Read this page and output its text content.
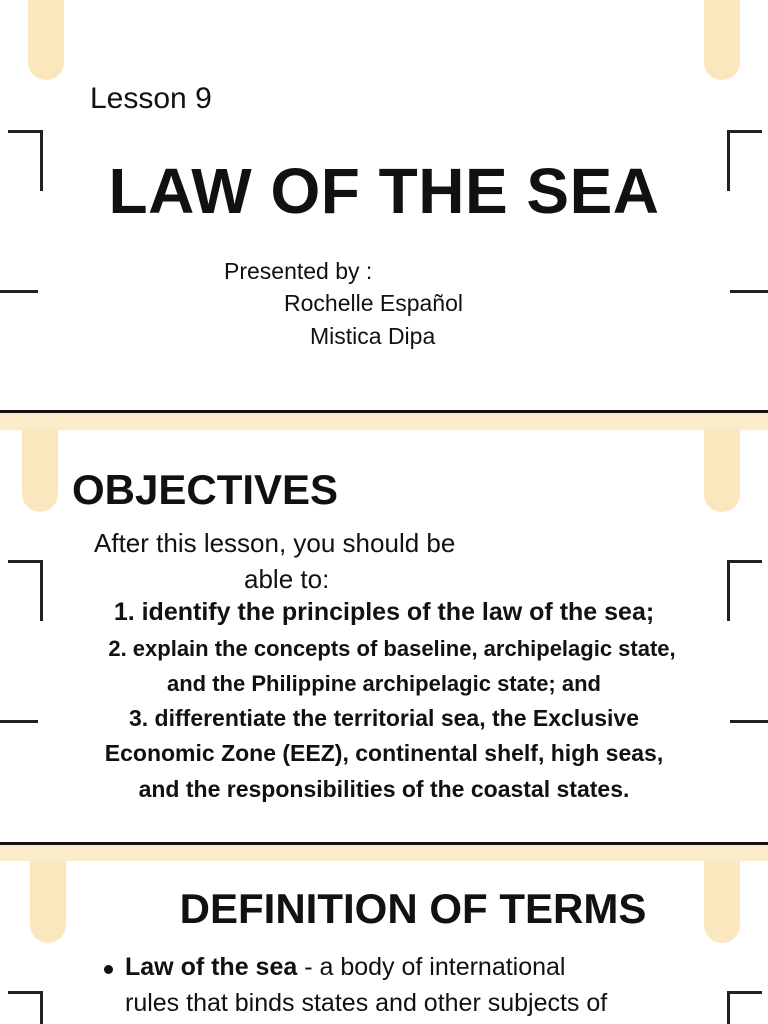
Lesson 9
LAW OF THE SEA
Presented by :
Rochelle Español
Mistica Dipa
OBJECTIVES
After this lesson, you should be
able to:
1. identify the principles of the law of the sea;
2. explain the concepts of baseline, archipelagic state,
and the Philippine archipelagic state; and
3. differentiate the territorial sea, the Exclusive
Economic Zone (EEZ), continental shelf, high seas,
and the responsibilities of the coastal states.
DEFINITION OF TERMS
Law of the sea - a body of international
rules that binds states and other subjects of
